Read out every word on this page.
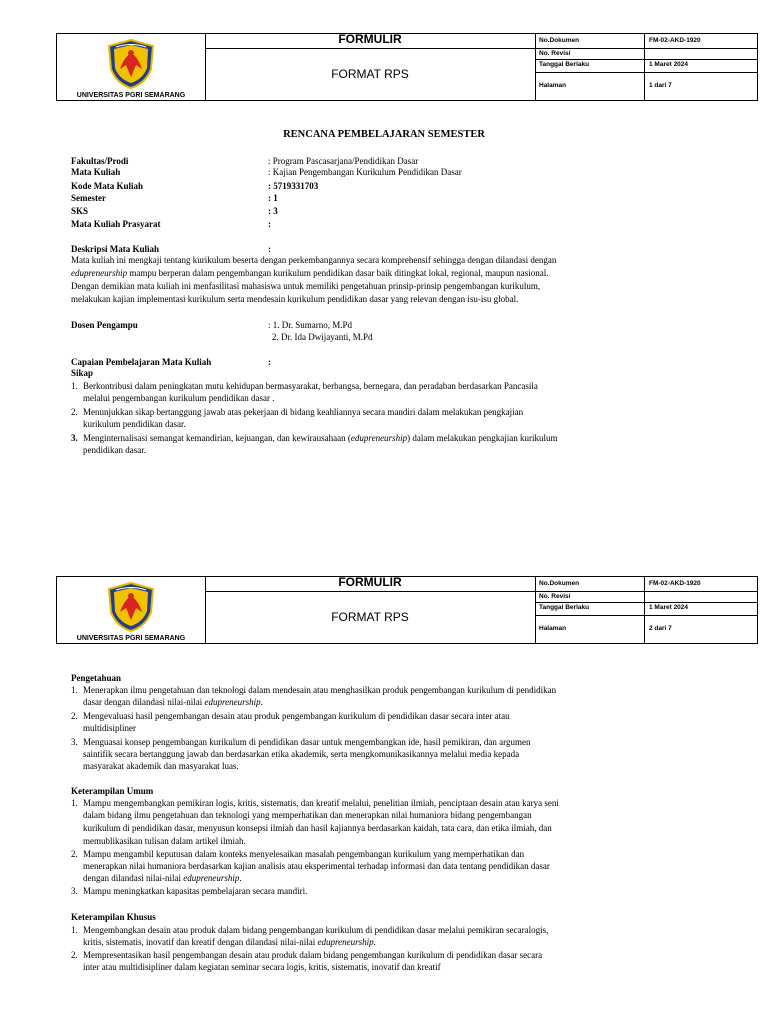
UNIVERSITAS PGRI SEMARANG
FORMULIR
FORMAT RPS
No.Dokumen	FM-02-AKD-1920
No. Revisi
Tanggal Berlaku	1 Maret 2024
Halaman	1 dari 7
RENCANA PEMBELAJARAN SEMESTER
Fakultas/Prodi	: Program Pascasarjana/Pendidikan Dasar
Mata Kuliah	: Kajian Pengembangan Kurikulum Pendidikan Dasar
Kode Mata Kuliah	: 5719331703
Semester	: 1
SKS	: 3
Mata Kuliah Prasyarat	:
Deskripsi Mata Kuliah	:
Mata kuliah ini mengkaji tentang kurikulum beserta dengan perkembangannya secara komprehensif sehingga dengan dilandasi dengan
edupreneurship mampu berperan dalam pengembangan kurikulum pendidikan dasar baik ditingkat lokal, regional, maupun nasional.
Dengan demikian mata kuliah ini menfasilitasi mahasiswa untuk memiliki pengetahuan prinsip-prinsip pengembangan kurikulum,
melakukan kajian implementasi kurikulum serta mendesain kurikulum pendidikan dasar yang relevan dengan isu-isu global.
Dosen Pengampu	: 1. Dr. Sumarno, M.Pd
2. Dr. Ida Dwijayanti, M.Pd
Capaian Pembelajaran Mata Kuliah	:
Sikap
1. Berkontribusi dalam peningkatan mutu kehidupan bermasyarakat, berbangsa, bernegara, dan peradaban berdasarkan Pancasila
melalui pengembangan kurikulum pendidikan dasar .
2. Menunjukkan sikap bertanggung jawab atas pekerjaan di bidang keahliannya secara mandiri dalam melakukan pengkajian
kurikulum pendidikan dasar.
3. Menginternalisasi semangat kemandirian, kejuangan, dan kewirausahaan (edupreneurship) dalam melakukan pengkajian kurikulum
pendidikan dasar.
UNIVERSITAS PGRI SEMARANG
FORMULIR
FORMAT RPS
No.Dokumen	FM-02-AKD-1920
No. Revisi
Tanggal Berlaku	1 Maret 2024
Halaman	2 dari 7
Pengetahuan
1. Menerapkan ilmu pengetahuan dan teknologi dalam mendesain atau menghasilkan produk pengembangan kurikulum di pendidikan
dasar dengan dilandasi nilai-nilai edupreneurship.
2. Mengevaluasi hasil pengembangan desain atau produk pengembangan kurikulum di pendidikan dasar secara inter atau
multidisipliner
3. Menguasai konsep pengembangan kurikulum di pendidikan dasar untuk mengembangkan ide, hasil pemikiran, dan argumen
saintifik secara bertanggung jawab dan berdasarkan etika akademik, serta mengkomunikasikannya melalui media kepada
masyarakat akademik dan masyarakat luas.
Keterampilan Umum
1. Mampu mengembangkan pemikiran logis, kritis, sistematis, dan kreatif melalui, penelitian ilmiah, penciptaan desain atau karya seni
dalam bidang ilmu pengetahuan dan teknologi yang memperhatikan dan menerapkan nilai humaniora bidang pengembangan
kurikulum di pendidikan dasar, menyusun konsepsi ilmiah dan hasil kajiannya berdasarkan kaidah, tata cara, dan etika ilmiah, dan
memublikasikan tulisan dalam artikel ilmiah.
2. Mampu mengambil keputusan dalam konteks menyelesaikan masalah pengembangan kurikulum yang memperhatikan dan
menerapkan nilai humaniora berdasarkan kajian analisis atau eksperimental terhadap informasi dan data tentang pendidikan dasar
dengan dilandasi nilai-nilai edupreneurship.
3. Mampu meningkatkan kapasitas pembelajaran secara mandiri.
Keterampilan Khusus
1. Mengembangkan desain atau produk dalam bidang pengembangan kurikulum di pendidikan dasar melalui pemikiran secaralogis,
kritis, sistematis, inovatif dan kreatif dengan dilandasi nilai-nilai edupreneurship.
2. Mempresentasikan hasil pengembangan desain atau produk dalam bidang pengembangan kurikulum di pendidikan dasar secara
inter atau multidisipliner dalam kegiatan seminar secara logis, kritis, sistematis, inovatif dan kreatif
